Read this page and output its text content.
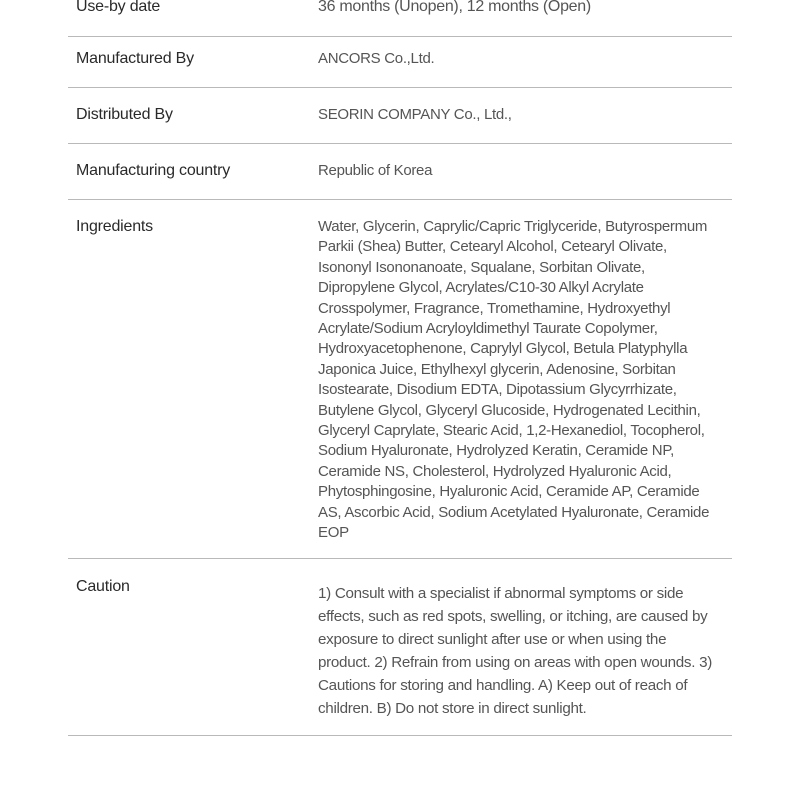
Use-by date	36 months (Unopen), 12 months (Open)
Manufactured By	ANCORS Co.,Ltd.
Distributed By	SEORIN COMPANY Co., Ltd.,
Manufacturing country	Republic of Korea
Ingredients	Water, Glycerin, Caprylic/Capric Triglyceride, Butyrospermum Parkii (Shea) Butter, Cetearyl Alcohol, Cetearyl Olivate, Isononyl Isononanoate, Squalane, Sorbitan Olivate, Dipropylene Glycol, Acrylates/C10-30 Alkyl Acrylate Crosspolymer, Fragrance, Tromethamine, Hydroxyethyl Acrylate/Sodium Acryloyldimethyl Taurate Copolymer, Hydroxyacetophenone, Caprylyl Glycol, Betula Platyphylla Japonica Juice, Ethylhexyl glycerin, Adenosine, Sorbitan Isostearate, Disodium EDTA, Dipotassium Glycyrrhizate, Butylene Glycol, Glyceryl Glucoside, Hydrogenated Lecithin, Glyceryl Caprylate, Stearic Acid, 1,2-Hexanediol, Tocopherol, Sodium Hyaluronate, Hydrolyzed Keratin, Ceramide NP, Ceramide NS, Cholesterol, Hydrolyzed Hyaluronic Acid, Phytosphingosine, Hyaluronic Acid, Ceramide AP, Ceramide AS, Ascorbic Acid, Sodium Acetylated Hyaluronate, Ceramide EOP
Caution	1) Consult with a specialist if abnormal symptoms or side effects, such as red spots, swelling, or itching, are caused by exposure to direct sunlight after use or when using the product. 2) Refrain from using on areas with open wounds. 3) Cautions for storing and handling. A) Keep out of reach of children. B) Do not store in direct sunlight.
